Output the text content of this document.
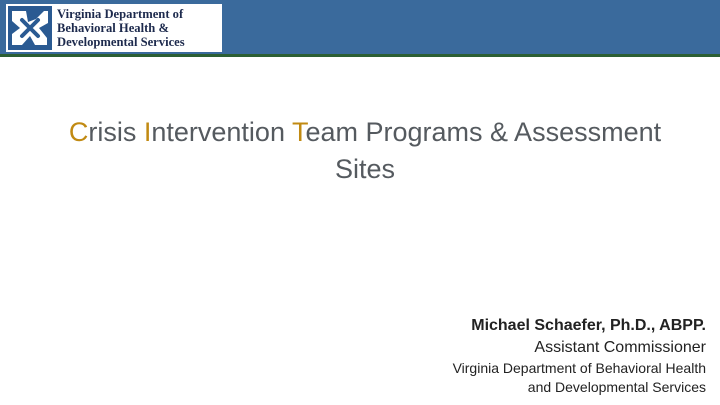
Virginia Department of
Behavioral Health &
Developmental Services
Crisis Intervention Team Programs & Assessment
Sites
Michael Schaefer, Ph.D., ABPP.
Assistant Commissioner
Virginia Department of Behavioral Health
and Developmental Services
